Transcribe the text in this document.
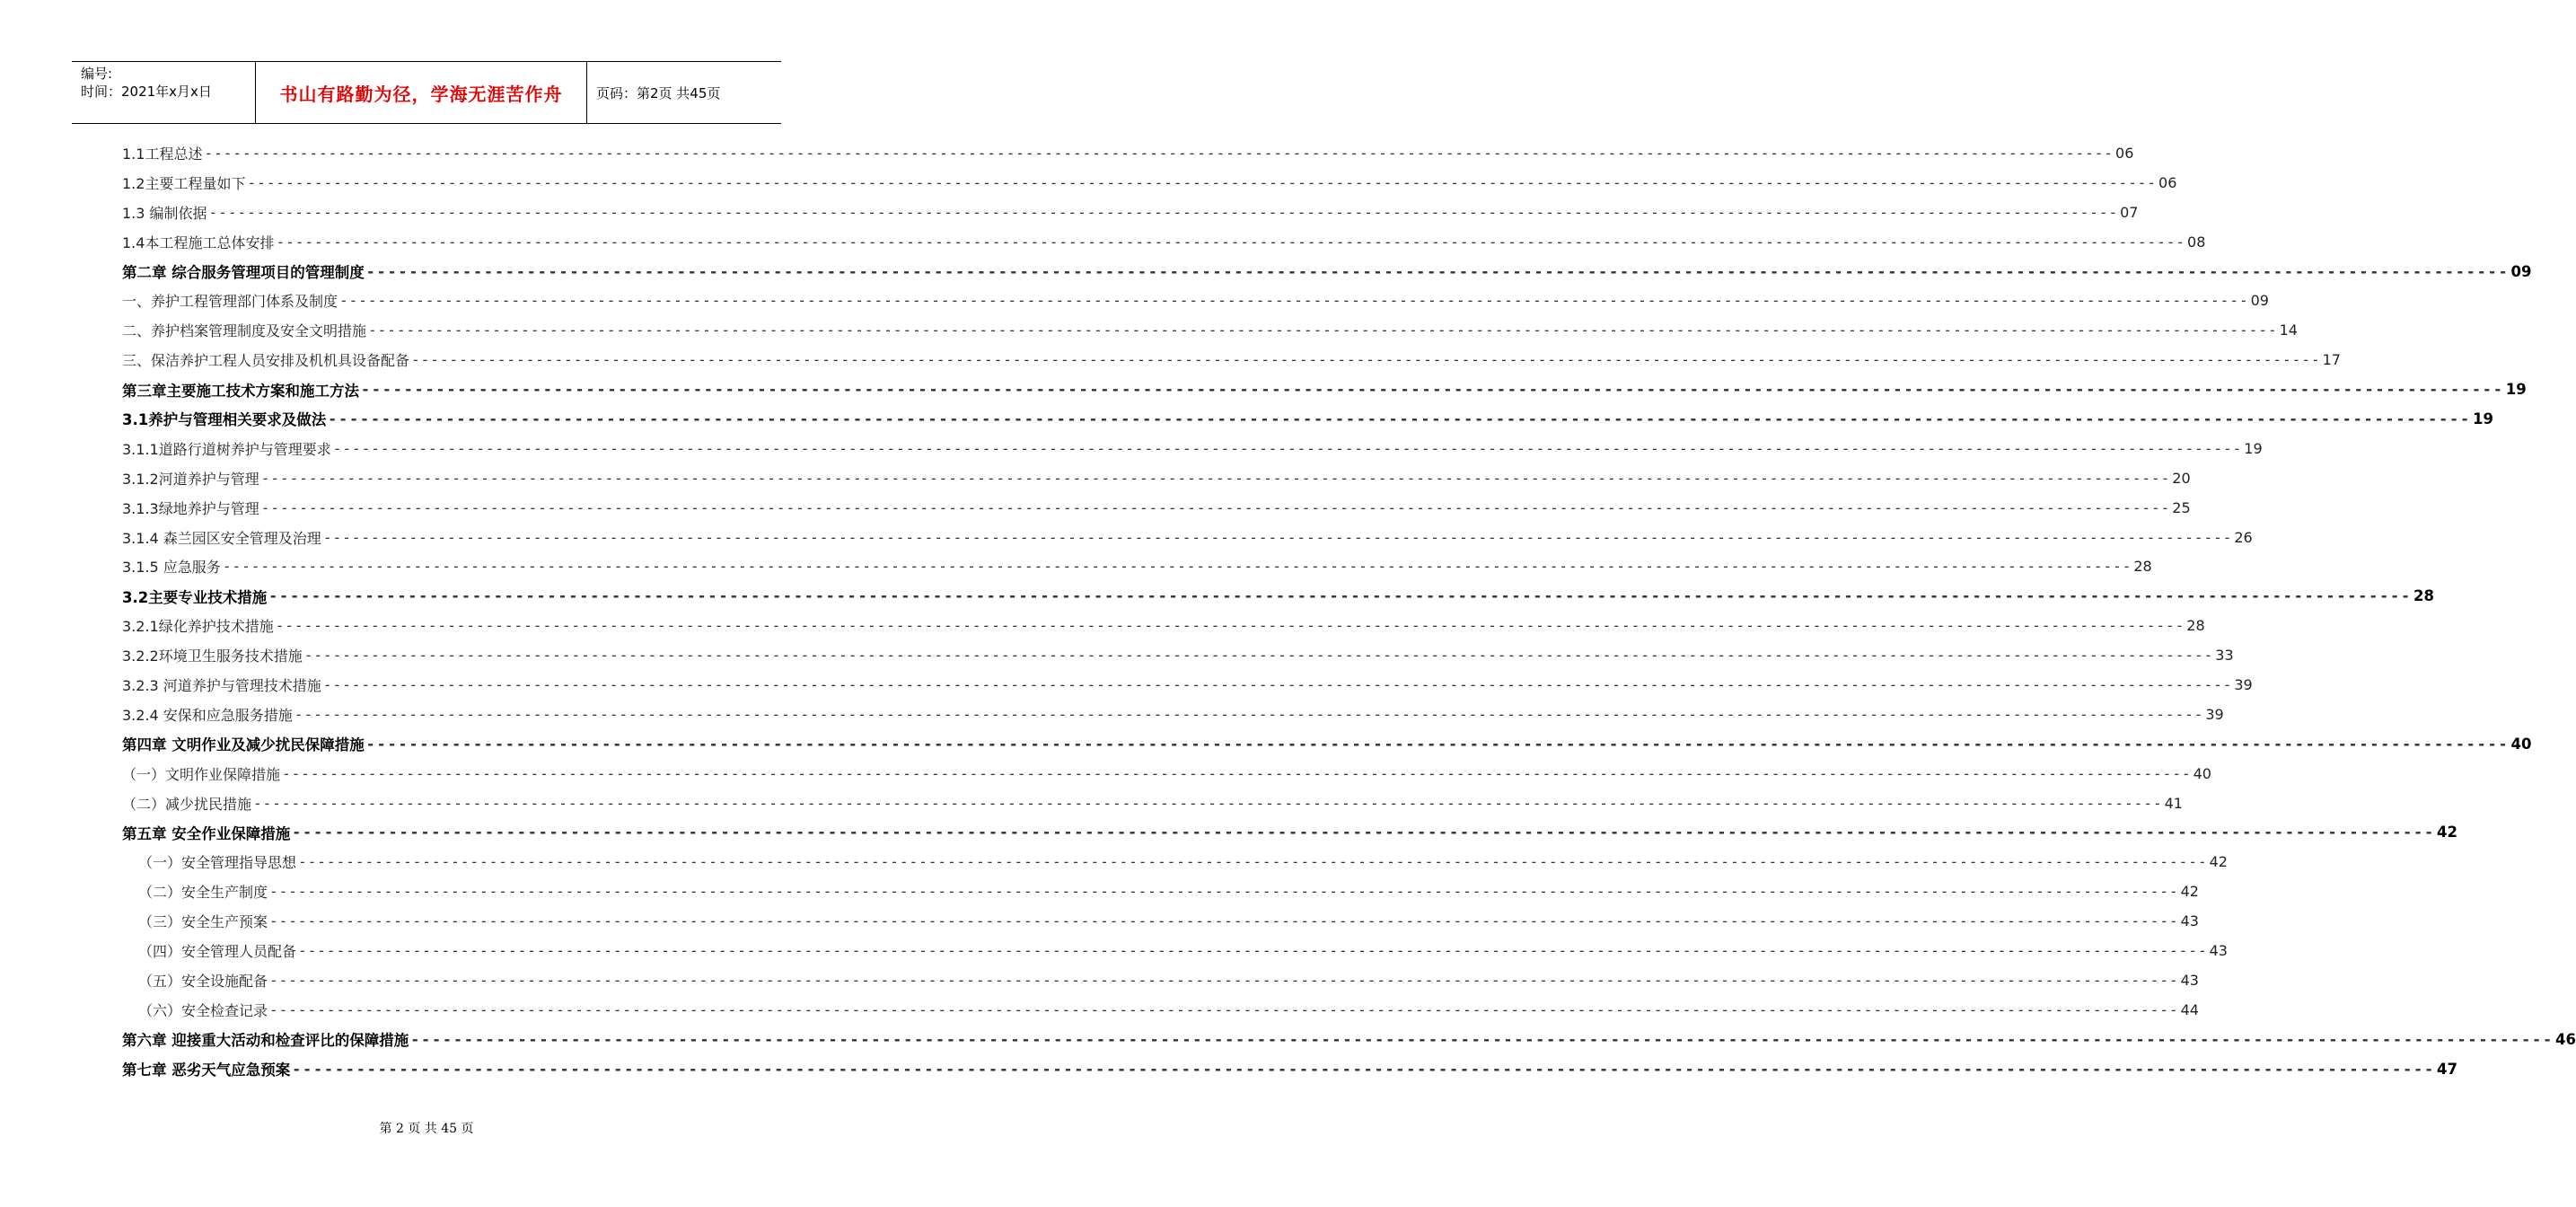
编号:
时间：2021年x月x日	书山有路勤为径，学海无涯苦作舟	页码：第2页 共45页
1.1工程总述 -------------------------------------------------------------------------------------------------------------------------------------------------------------------------------------------------------- 06
1.2主要工程量如下 -------------------------------------------------------------------------------------------------------------------------------------------------------------------------------------------------------- 06
1.3 编制依据 -------------------------------------------------------------------------------------------------------------------------------------------------------------------------------------------------------- 07
1.4本工程施工总体安排 -------------------------------------------------------------------------------------------------------------------------------------------------------------------------------------------------------- 08
第二章 综合服务管理项目的管理制度 -------------------------------------------------------------------------------------------------------------------------------------------------------------------------------------------------------- 09
一、养护工程管理部门体系及制度 -------------------------------------------------------------------------------------------------------------------------------------------------------------------------------------------------------- 09
二、养护档案管理制度及安全文明措施 -------------------------------------------------------------------------------------------------------------------------------------------------------------------------------------------------------- 14
三、保洁养护工程人员安排及机机具设备配备 -------------------------------------------------------------------------------------------------------------------------------------------------------------------------------------------------------- 17
第三章主要施工技术方案和施工方法 -------------------------------------------------------------------------------------------------------------------------------------------------------------------------------------------------------- 19
3.1养护与管理相关要求及做法 -------------------------------------------------------------------------------------------------------------------------------------------------------------------------------------------------------- 19
3.1.1道路行道树养护与管理要求 -------------------------------------------------------------------------------------------------------------------------------------------------------------------------------------------------------- 19
3.1.2河道养护与管理 -------------------------------------------------------------------------------------------------------------------------------------------------------------------------------------------------------- 20
3.1.3绿地养护与管理 -------------------------------------------------------------------------------------------------------------------------------------------------------------------------------------------------------- 25
3.1.4 森兰园区安全管理及治理 -------------------------------------------------------------------------------------------------------------------------------------------------------------------------------------------------------- 26
3.1.5 应急服务 -------------------------------------------------------------------------------------------------------------------------------------------------------------------------------------------------------- 28
3.2主要专业技术措施 -------------------------------------------------------------------------------------------------------------------------------------------------------------------------------------------------------- 28
3.2.1绿化养护技术措施 -------------------------------------------------------------------------------------------------------------------------------------------------------------------------------------------------------- 28
3.2.2环境卫生服务技术措施 -------------------------------------------------------------------------------------------------------------------------------------------------------------------------------------------------------- 33
3.2.3 河道养护与管理技术措施 -------------------------------------------------------------------------------------------------------------------------------------------------------------------------------------------------------- 39
3.2.4 安保和应急服务措施 -------------------------------------------------------------------------------------------------------------------------------------------------------------------------------------------------------- 39
第四章 文明作业及减少扰民保障措施 -------------------------------------------------------------------------------------------------------------------------------------------------------------------------------------------------------- 40
（一）文明作业保障措施 -------------------------------------------------------------------------------------------------------------------------------------------------------------------------------------------------------- 40
（二）减少扰民措施 -------------------------------------------------------------------------------------------------------------------------------------------------------------------------------------------------------- 41
第五章 安全作业保障措施 -------------------------------------------------------------------------------------------------------------------------------------------------------------------------------------------------------- 42
（一）安全管理指导思想 -------------------------------------------------------------------------------------------------------------------------------------------------------------------------------------------------------- 42
（二）安全生产制度 -------------------------------------------------------------------------------------------------------------------------------------------------------------------------------------------------------- 42
（三）安全生产预案 -------------------------------------------------------------------------------------------------------------------------------------------------------------------------------------------------------- 43
（四）安全管理人员配备 -------------------------------------------------------------------------------------------------------------------------------------------------------------------------------------------------------- 43
（五）安全设施配备 -------------------------------------------------------------------------------------------------------------------------------------------------------------------------------------------------------- 43
（六）安全检查记录 -------------------------------------------------------------------------------------------------------------------------------------------------------------------------------------------------------- 44
第六章 迎接重大活动和检查评比的保障措施 -------------------------------------------------------------------------------------------------------------------------------------------------------------------------------------------------------- 46
第七章 恶劣天气应急预案 -------------------------------------------------------------------------------------------------------------------------------------------------------------------------------------------------------- 47
第 2 页 共 45 页
